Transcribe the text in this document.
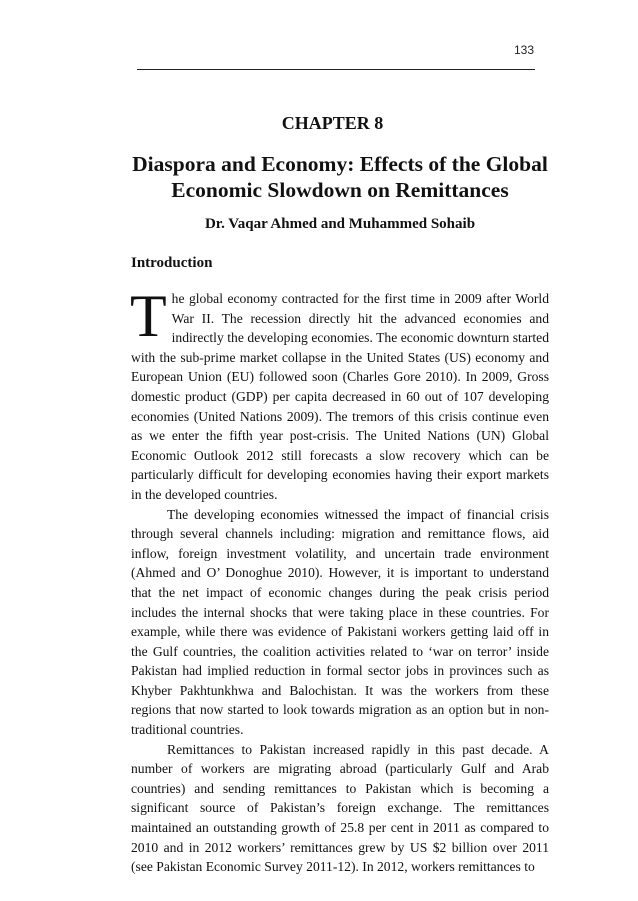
133
CHAPTER 8
Diaspora and Economy: Effects of the Global Economic Slowdown on Remittances
Dr. Vaqar Ahmed and Muhammed Sohaib
Introduction

The global economy contracted for the first time in 2009 after World War II. The recession directly hit the advanced economies and indirectly the developing economies. The economic downturn started with the sub-prime market collapse in the United States (US) economy and European Union (EU) followed soon (Charles Gore 2010). In 2009, Gross domestic product (GDP) per capita decreased in 60 out of 107 developing economies (United Nations 2009). The tremors of this crisis continue even as we enter the fifth year post-crisis. The United Nations (UN) Global Economic Outlook 2012 still forecasts a slow recovery which can be particularly difficult for developing economies having their export markets in the developed countries.

The developing economies witnessed the impact of financial crisis through several channels including: migration and remittance flows, aid inflow, foreign investment volatility, and uncertain trade environment (Ahmed and O’ Donoghue 2010). However, it is important to understand that the net impact of economic changes during the peak crisis period includes the internal shocks that were taking place in these countries. For example, while there was evidence of Pakistani workers getting laid off in the Gulf countries, the coalition activities related to ‘war on terror’ inside Pakistan had implied reduction in formal sector jobs in provinces such as Khyber Pakhtunkhwa and Balochistan. It was the workers from these regions that now started to look towards migration as an option but in non-traditional countries.

Remittances to Pakistan increased rapidly in this past decade. A number of workers are migrating abroad (particularly Gulf and Arab countries) and sending remittances to Pakistan which is becoming a significant source of Pakistan’s foreign exchange. The remittances maintained an outstanding growth of 25.8 per cent in 2011 as compared to 2010 and in 2012 workers’ remittances grew by US $2 billion over 2011 (see Pakistan Economic Survey 2011-12). In 2012, workers remittances to
